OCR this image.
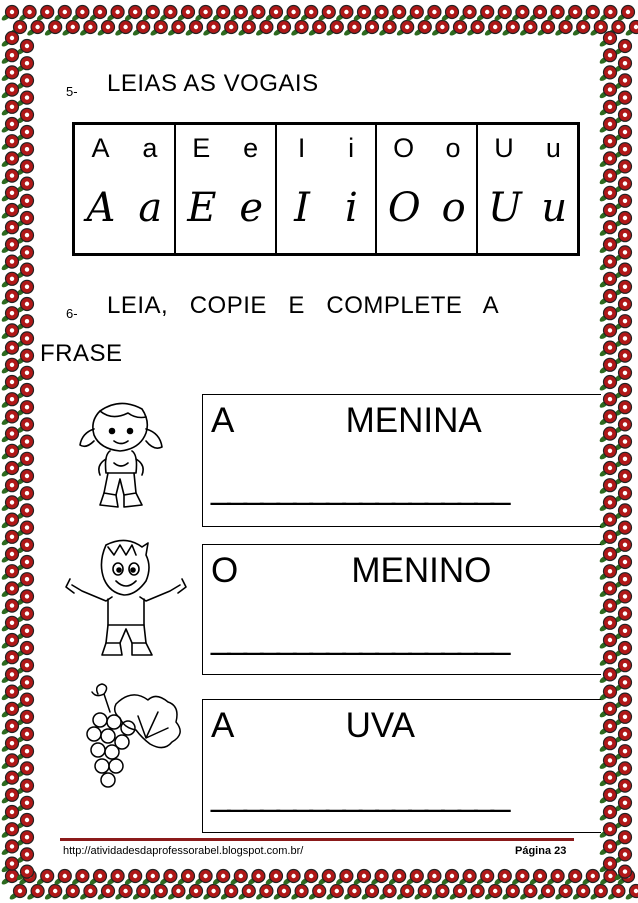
5- LEIAS AS VOGAIS
A a
A a
E e
E e
I i
I i
O o
O o
U u
U u
6- LEIA,   COPIE   E   COMPLETE   A
FRASE
A   MENINA
__________________
O   MENINO
__________________
A   UVA
__________________
http://atividadesdaprofessorabel.blogspot.com.br/	Página 23
